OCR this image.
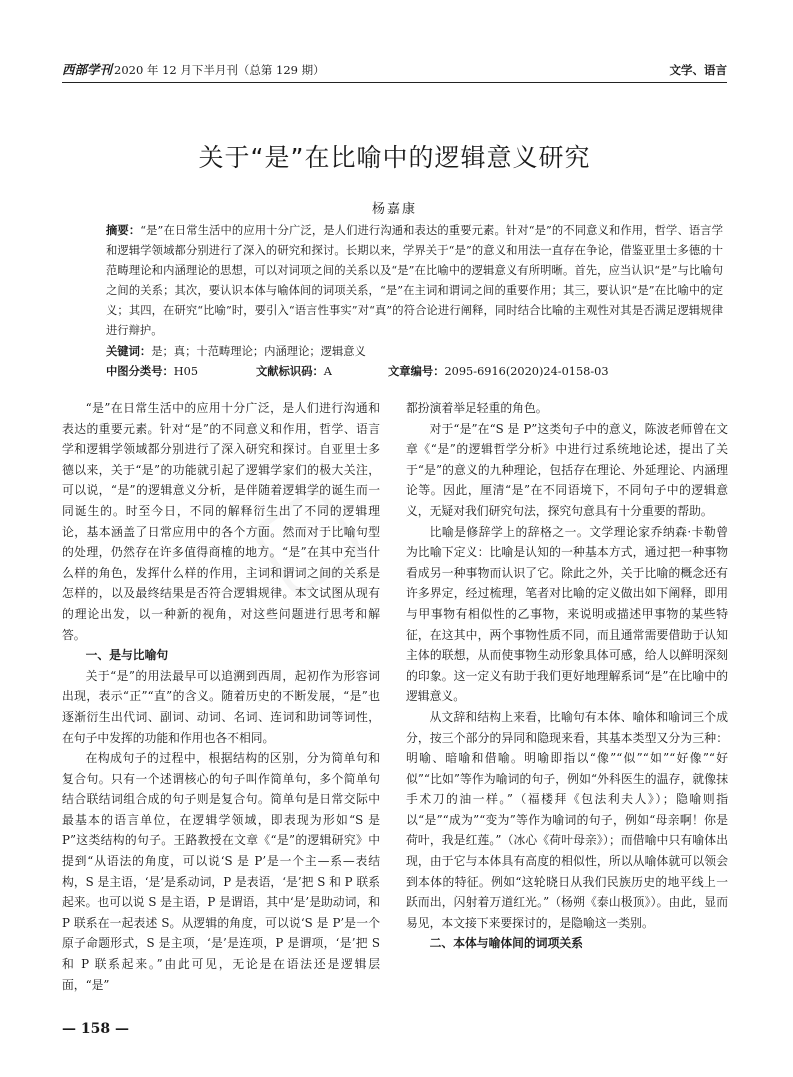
西部学刊 2020 年 12 月下半月刊（总第 129 期）	文学、语言
关于“是”在比喻中的逻辑意义研究
杨嘉康

摘要：“是”在日常生活中的应用十分广泛，是人们进行沟通和表达的重要元素。针对“是”的不同意义和作用，哲学、语言学和逻辑学领域都分别进行了深入的研究和探讨。长期以来，学界关于“是”的意义和用法一直存在争论，借鉴亚里士多德的十范畴理论和内涵理论的思想，可以对词项之间的关系以及“是”在比喻中的逻辑意义有所明晰。首先，应当认识“是”与比喻句之间的关系；其次，要认识本体与喻体间的词项关系，“是”在主词和谓词之间的重要作用；其三，要认识“是”在比喻中的定义；其四，在研究“比喻”时，要引入“语言性事实”对“真”的符合论进行阐释，同时结合比喻的主观性对其是否满足逻辑规律进行辩护。

关键词：是；真；十范畴理论；内涵理论；逻辑意义

中图分类号：H05	文献标识码：A	文章编号：2095-6916(2020)24-0158-03

“是”在日常生活中的应用十分广泛，是人们进行沟通和表达的重要元素。针对“是”的不同意义和作用，哲学、语言学和逻辑学领域都分别进行了深入研究和探讨。自亚里士多德以来，关于“是”的功能就引起了逻辑学家们的极大关注，可以说，“是”的逻辑意义分析，是伴随着逻辑学的诞生而一同诞生的。时至今日，不同的解释衍生出了不同的逻辑理论，基本涵盖了日常应用中的各个方面。然而对于比喻句型的处理，仍然存在许多值得商榷的地方。“是”在其中充当什么样的角色，发挥什么样的作用，主词和谓词之间的关系是怎样的，以及最终结果是否符合逻辑规律。本文试图从现有的理论出发，以一种新的视角，对这些问题进行思考和解答。

一、是与比喻句

关于“是”的用法最早可以追溯到西周，起初作为形容词出现，表示“正”“直”的含义。随着历史的不断发展，“是”也逐渐衍生出代词、副词、动词、名词、连词和助词等词性，在句子中发挥的功能和作用也各不相同。

在构成句子的过程中，根据结构的区别，分为简单句和复合句。只有一个述谓核心的句子叫作简单句，多个简单句结合联结词组合成的句子则是复合句。简单句是日常交际中最基本的语言单位，在逻辑学领域，即表现为形如“S 是 P”这类结构的句子。王路教授在文章《“是”的逻辑研究》中提到“从语法的角度，可以说‘S 是 P’是一个主—系—表结构，S 是主语，‘是’是系动词，P 是表语，‘是’把 S 和 P 联系起来。也可以说 S 是主语，P 是谓语，其中‘是’是助动词，和 P 联系在一起表述 S。从逻辑的角度，可以说‘S 是 P’是一个原子命题形式，S 是主项，‘是’是连项，P 是谓项，‘是’把 S 和 P 联系起来。”由此可见，无论是在语法还是逻辑层面，“是”

都扮演着举足轻重的角色。

对于“是”在“S 是 P”这类句子中的意义，陈波老师曾在文章《“是”的逻辑哲学分析》中进行过系统地论述，提出了关于“是”的意义的九种理论，包括存在理论、外延理论、内涵理论等。因此，厘清“是”在不同语境下，不同句子中的逻辑意义，无疑对我们研究句法，探究句意具有十分重要的帮助。

比喻是修辞学上的辞格之一。文学理论家乔纳森·卡勒曾为比喻下定义：比喻是认知的一种基本方式，通过把一种事物看成另一种事物而认识了它。除此之外，关于比喻的概念还有许多界定，经过梳理，笔者对比喻的定义做出如下阐释，即用与甲事物有相似性的乙事物，来说明或描述甲事物的某些特征，在这其中，两个事物性质不同，而且通常需要借助于认知主体的联想，从而使事物生动形象具体可感，给人以鲜明深刻的印象。这一定义有助于我们更好地理解系词“是”在比喻中的逻辑意义。

从文辞和结构上来看，比喻句有本体、喻体和喻词三个成分，按三个部分的异同和隐现来看，其基本类型又分为三种：明喻、暗喻和借喻。明喻即指以“像”“似”“如”“好像”“好似”“比如”等作为喻词的句子，例如“外科医生的温存，就像抹手术刀的油一样。”（福楼拜《包法利夫人》）；隐喻则指以“是”“成为”“变为”等作为喻词的句子，例如“母亲啊！你是荷叶，我是红莲。”（冰心《荷叶母亲》）；而借喻中只有喻体出现，由于它与本体具有高度的相似性，所以从喻体就可以领会到本体的特征。例如“这轮晓日从我们民族历史的地平线上一跃而出，闪射着万道红光。”（杨朔《泰山极顶》）。由此，显而易见，本文接下来要探讨的，是隐喻这一类别。

二、本体与喻体间的词项关系
— 158 —
